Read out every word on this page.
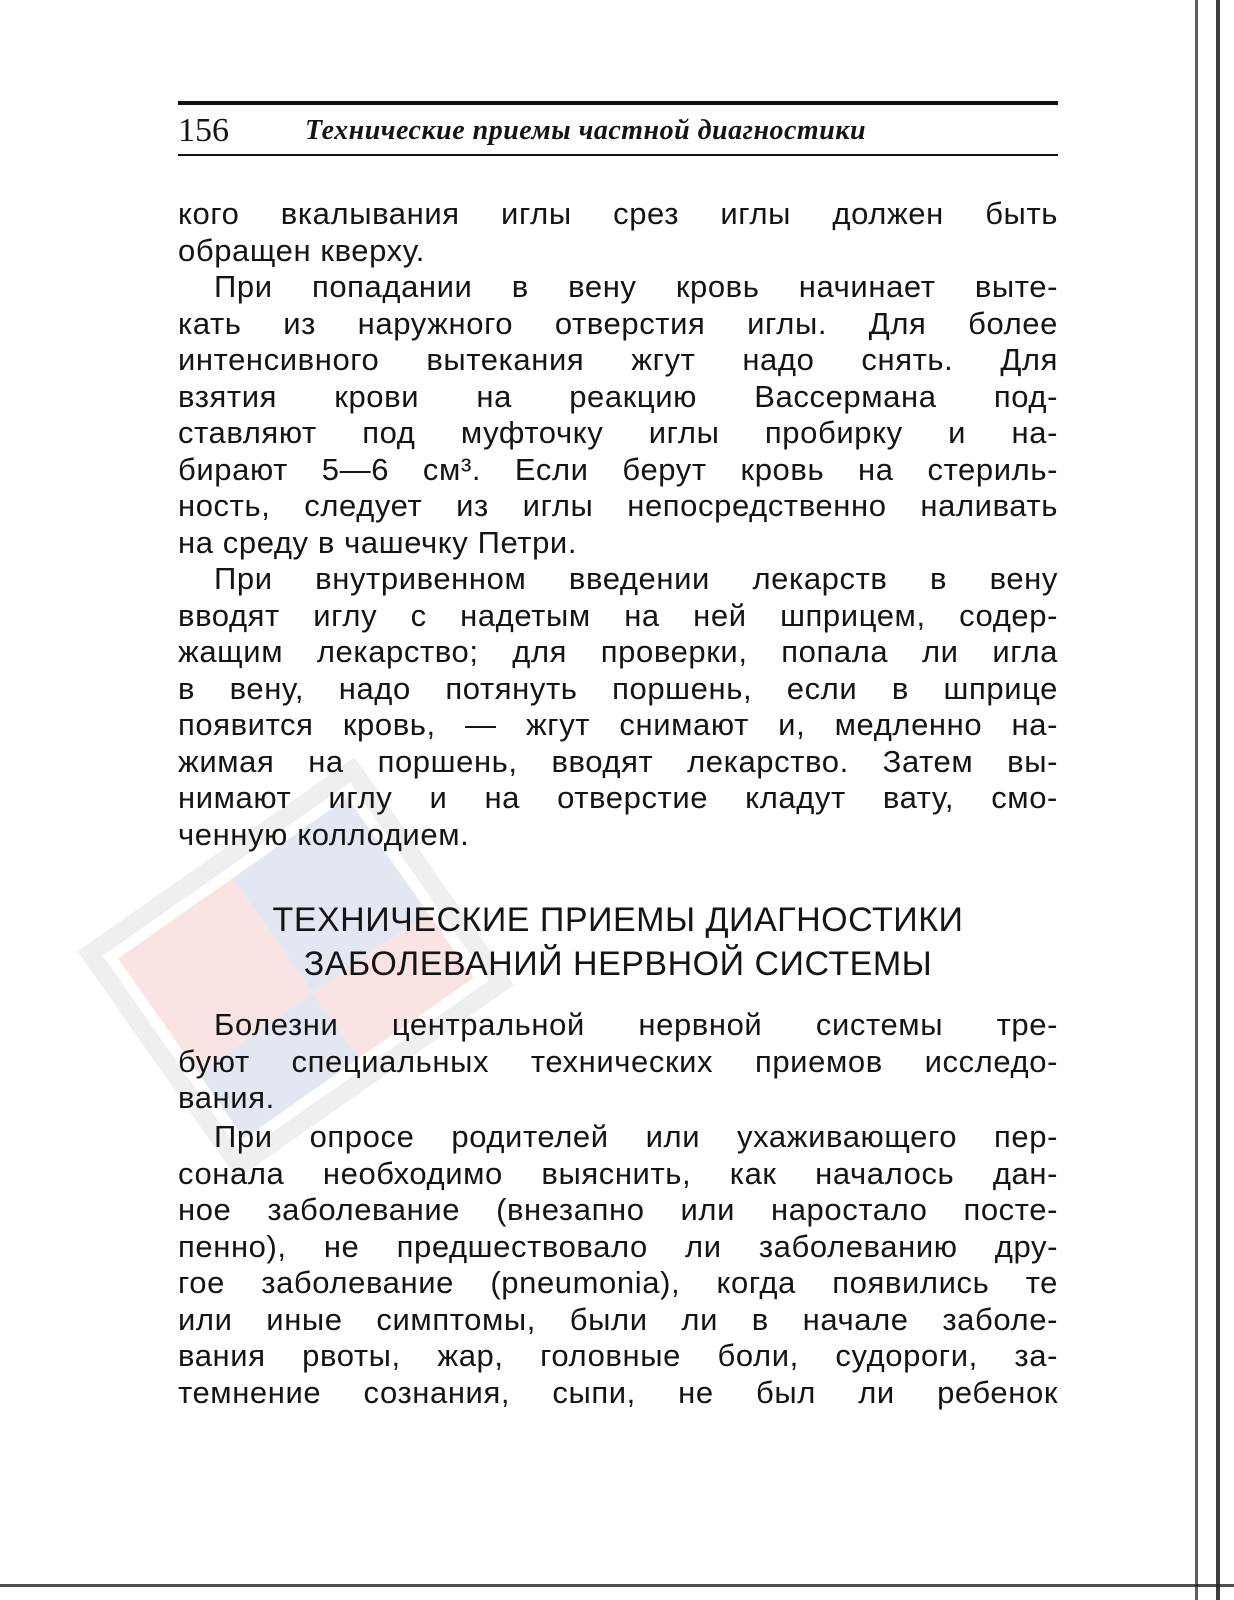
156	Технические приемы частной диагностики
кого вкалывания иглы срез иглы должен быть
обращен кверху.
При попадании в вену кровь начинает выте-
кать из наружного отверстия иглы. Для более
интенсивного вытекания жгут надо снять. Для
взятия крови на реакцию Вассермана под-
ставляют под муфточку иглы пробирку и на-
бирают 5—6 см³. Если берут кровь на стериль-
ность, следует из иглы непосредственно наливать
на среду в чашечку Петри.
При внутривенном введении лекарств в вену
вводят иглу с надетым на ней шприцем, содер-
жащим лекарство; для проверки, попала ли игла
в вену, надо потянуть поршень, если в шприце
появится кровь, — жгут снимают и, медленно на-
жимая на поршень, вводят лекарство. Затем вы-
нимают иглу и на отверстие кладут вату, смо-
ченную коллодием.
ТЕХНИЧЕСКИЕ ПРИЕМЫ ДИАГНОСТИКИ
ЗАБОЛЕВАНИЙ НЕРВНОЙ СИСТЕМЫ
Болезни центральной нервной системы тре-
буют специальных технических приемов исследо-
вания.
При опросе родителей или ухаживающего пер-
сонала необходимо выяснить, как началось дан-
ное заболевание (внезапно или наростало посте-
пенно), не предшествовало ли заболеванию дру-
гое заболевание (pneumonia), когда появились те
или иные симптомы, были ли в начале заболе-
вания рвоты, жар, головные боли, судороги, за-
темнение сознания, сыпи, не был ли ребенок
